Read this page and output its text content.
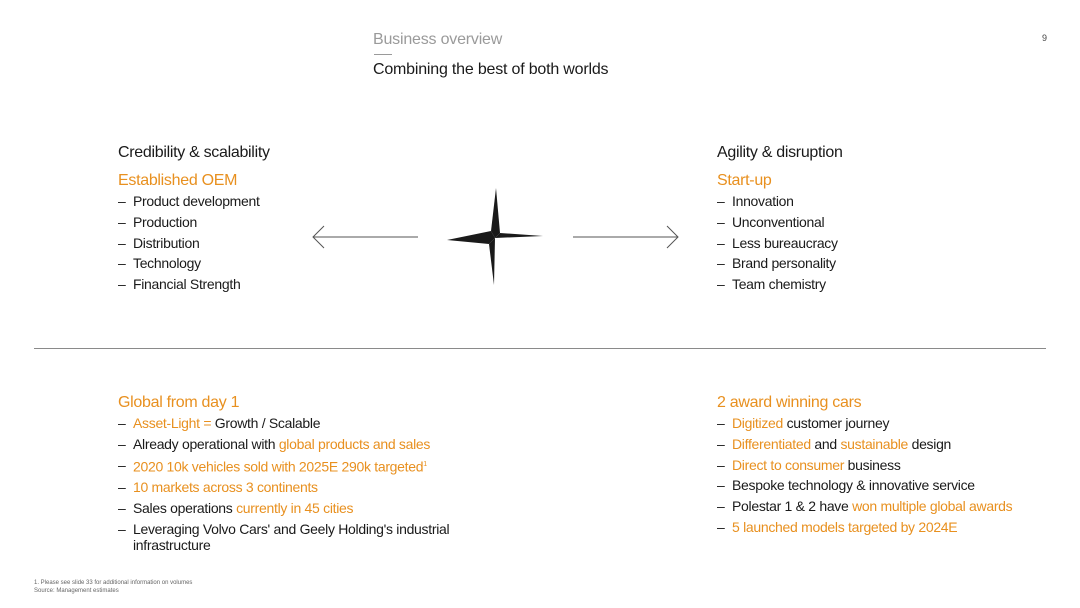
Business overview
Combining the best of both worlds
9
Credibility & scalability
Established OEM
– Product development
– Production
– Distribution
– Technology
– Financial Strength
Agility & disruption
Start-up
– Innovation
– Unconventional
– Less bureaucracy
– Brand personality
– Team chemistry
Global from day 1
– Asset-Light = Growth / Scalable
– Already operational with global products and sales
– 2020 10k vehicles sold with 2025E 290k targeted$^1$
– 10 markets across 3 continents
– Sales operations currently in 45 cities
– Leveraging Volvo Cars' and Geely Holding's industrial
infrastructure
2 award winning cars
– Digitized customer journey
– Differentiated and sustainable design
– Direct to consumer business
– Bespoke technology & innovative service
– Polestar 1 & 2 have won multiple global awards
– 5 launched models targeted by 2024E
1. Please see slide 33 for additional information on volumes
Source: Management estimates
